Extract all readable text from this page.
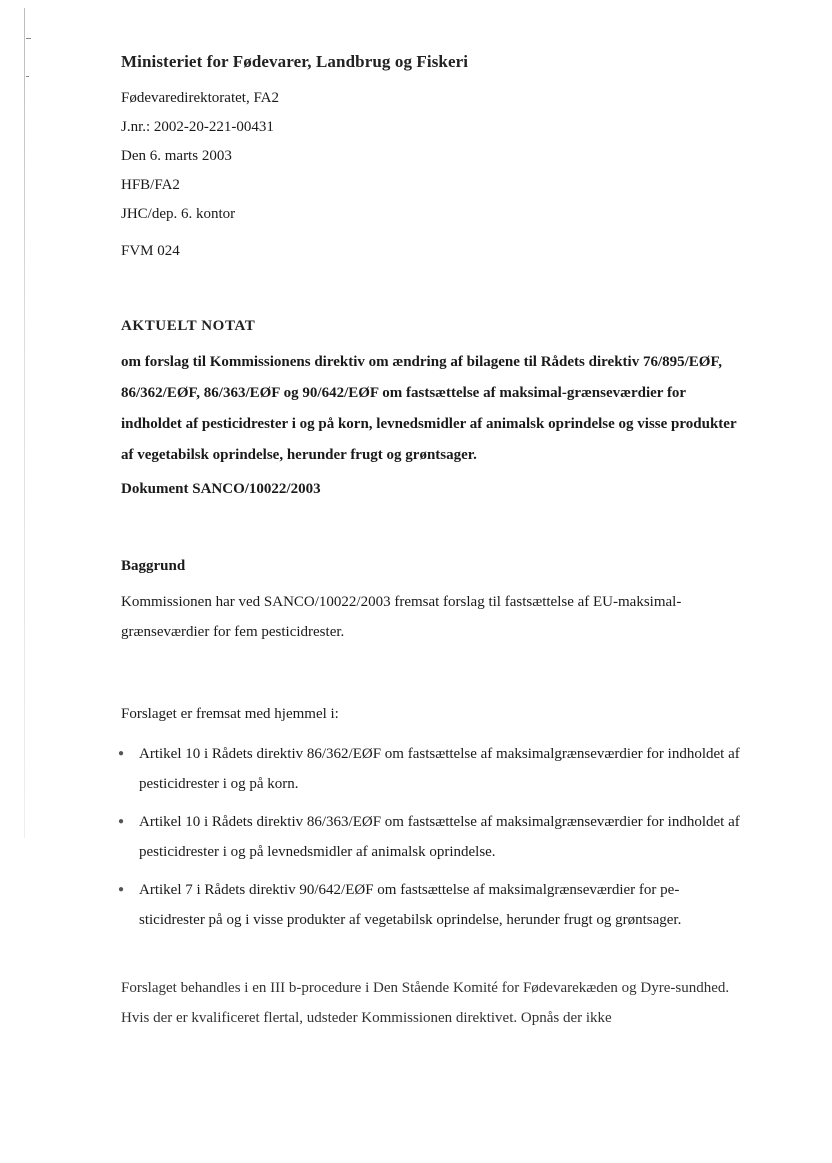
Ministeriet for Fødevarer, Landbrug og Fiskeri
Fødevaredirektoratet, FA2
J.nr.: 2002-20-221-00431
Den 6. marts 2003
HFB/FA2
JHC/dep. 6. kontor
FVM 024
AKTUELT NOTAT
om forslag til Kommissionens direktiv om ændring af bilagene til Rådets direktiv 76/895/EØF, 86/362/EØF, 86/363/EØF og 90/642/EØF om fastsættelse af maksimal-grænseværdier for indholdet af pesticidrester i og på korn, levnedsmidler af animalsk oprindelse og visse produkter af vegetabilsk oprindelse, herunder frugt og grøntsager.
Dokument SANCO/10022/2003
Baggrund
Kommissionen har ved SANCO/10022/2003 fremsat forslag til fastsættelse af EU-maksimal-grænseværdier for fem pesticidrester.
Forslaget er fremsat med hjemmel i:
● Artikel 10 i Rådets direktiv 86/362/EØF om fastsættelse af maksimalgrænseværdier for indholdet af pesticidrester i og på korn.
● Artikel 10 i Rådets direktiv 86/363/EØF om fastsættelse af maksimalgrænseværdier for indholdet af pesticidrester i og på levnedsmidler af animalsk oprindelse.
● Artikel 7 i Rådets direktiv 90/642/EØF om fastsættelse af maksimalgrænseværdier for pe-sticidrester på og i visse produkter af vegetabilsk oprindelse, herunder frugt og grøntsager.
Forslaget behandles i en III b-procedure i Den Stående Komité for Fødevarekæden og Dyre-sundhed. Hvis der er kvalificeret flertal, udsteder Kommissionen direktivet. Opnås der ikke
